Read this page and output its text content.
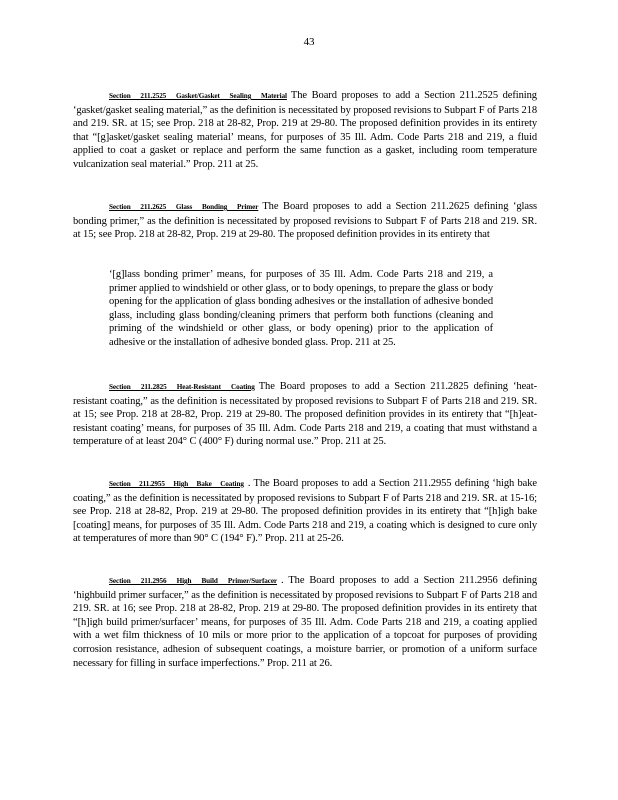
43

Section 211.2525 Gasket/Gasket Sealing Material The Board proposes to add a Section 211.2525 defining ‘gasket/gasket sealing material,” as the definition is necessitated by proposed revisions to Subpart F of Parts 218 and 219. SR. at 15; see Prop. 218 at 28-82, Prop. 219 at 29-80. The proposed definition provides in its entirety that “[g]asket/gasket sealing material’ means, for purposes of 35 Ill. Adm. Code Parts 218 and 219, a fluid applied to coat a gasket or replace and perform the same function as a gasket, including room temperature vulcanization seal material.” Prop. 211 at 25.

Section 211.2625 Glass Bonding Primer The Board proposes to add a Section 211.2625 defining ‘glass bonding primer,” as the definition is necessitated by proposed revisions to Subpart F of Parts 218 and 219. SR. at 15; see Prop. 218 at 28-82, Prop. 219 at 29-80. The proposed definition provides in its entirety that

‘[g]lass bonding primer’ means, for purposes of 35 Ill. Adm. Code Parts 218 and 219, a primer applied to windshield or other glass, or to body openings, to prepare the glass or body opening for the application of glass bonding adhesives or the installation of adhesive bonded glass, including glass bonding/cleaning primers that perform both functions (cleaning and priming of the windshield or other glass, or body opening) prior to the application of adhesive or the installation of adhesive bonded glass. Prop. 211 at 25.

Section 211.2825 Heat-Resistant Coating The Board proposes to add a Section 211.2825 defining ‘heat-resistant coating,” as the definition is necessitated by proposed revisions to Subpart F of Parts 218 and 219. SR. at 15; see Prop. 218 at 28-82, Prop. 219 at 29-80. The proposed definition provides in its entirety that “[h]eat-resistant coating’ means, for purposes of 35 Ill. Adm. Code Parts 218 and 219, a coating that must withstand a temperature of at least 204° C (400° F) during normal use.” Prop. 211 at 25.

Section 211.2955 High Bake Coating . The Board proposes to add a Section 211.2955 defining ‘high bake coating,” as the definition is necessitated by proposed revisions to Subpart F of Parts 218 and 219. SR. at 15-16; see Prop. 218 at 28-82, Prop. 219 at 29-80. The proposed definition provides in its entirety that “[h]igh bake [coating] means, for purposes of 35 Ill. Adm. Code Parts 218 and 219, a coating which is designed to cure only at temperatures of more than 90° C (194° F).” Prop. 211 at 25-26.

Section 211.2956 High Build Primer/Surfacer . The Board proposes to add a Section 211.2956 defining ‘highbuild primer surfacer,” as the definition is necessitated by proposed revisions to Subpart F of Parts 218 and 219. SR. at 16; see Prop. 218 at 28-82, Prop. 219 at 29-80. The proposed definition provides in its entirety that “[h]igh build primer/surfacer’ means, for purposes of 35 Ill. Adm. Code Parts 218 and 219, a coating applied with a wet film thickness of 10 mils or more prior to the application of a topcoat for purposes of providing corrosion resistance, adhesion of subsequent coatings, a moisture barrier, or promotion of a uniform surface necessary for filling in surface imperfections.” Prop. 211 at 26.
